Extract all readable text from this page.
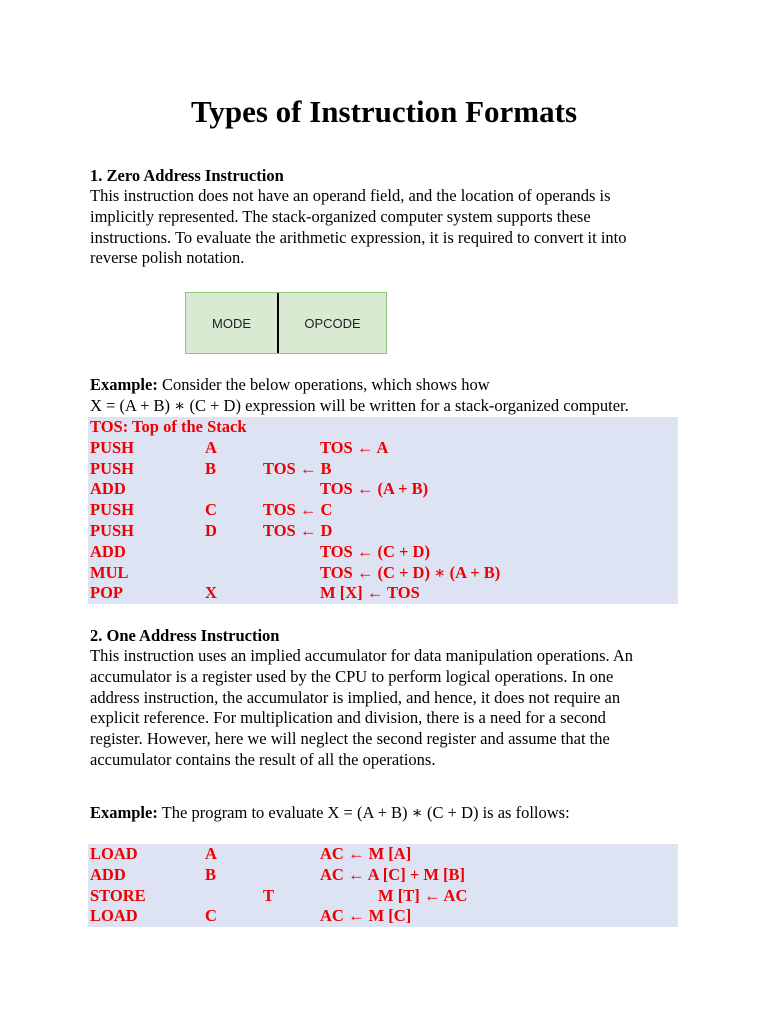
Types of Instruction Formats
1. Zero Address Instruction
This instruction does not have an operand field, and the location of operands is
implicitly represented. The stack-organized computer system supports these
instructions. To evaluate the arithmetic expression, it is required to convert it into
reverse polish notation.
MODE	OPCODE
Example: Consider the below operations, which shows how
X = (A + B) ∗ (C + D) expression will be written for a stack-organized computer.
TOS: Top of the Stack
PUSH	A	TOS ← A
PUSH	B	TOS ← B
ADD	TOS ← (A + B)
PUSH	C	TOS ← C
PUSH	D	TOS ← D
ADD	TOS ← (C + D)
MUL	TOS ← (C + D) ∗ (A + B)
POP	X	M [X] ← TOS
2. One Address Instruction
This instruction uses an implied accumulator for data manipulation operations. An
accumulator is a register used by the CPU to perform logical operations. In one
address instruction, the accumulator is implied, and hence, it does not require an
explicit reference. For multiplication and division, there is a need for a second
register. However, here we will neglect the second register and assume that the
accumulator contains the result of all the operations.
Example: The program to evaluate X = (A + B) ∗ (C + D) is as follows:
LOAD	A	AC ← M [A]
ADD	B	AC ← A [C] + M [B]
STORE	T	M [T] ← AC
LOAD	C	AC ← M [C]
